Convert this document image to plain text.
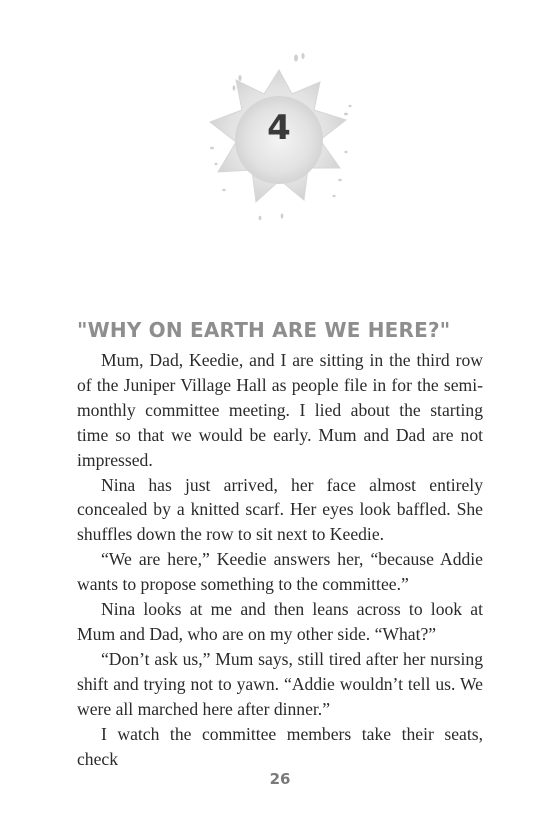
4
"WHY ON EARTH ARE WE HERE?"

Mum, Dad, Keedie, and I are sitting in the third row of the Juniper Village Hall as people file in for the semi-monthly committee meeting. I lied about the starting time so that we would be early. Mum and Dad are not impressed.

Nina has just arrived, her face almost entirely concealed by a knitted scarf. Her eyes look baffled. She shuffles down the row to sit next to Keedie.

“We are here,” Keedie answers her, “because Addie wants to propose something to the committee.”

Nina looks at me and then leans across to look at Mum and Dad, who are on my other side. “What?”

“Don’t ask us,” Mum says, still tired after her nursing shift and trying not to yawn. “Addie wouldn’t tell us. We were all marched here after dinner.”

I watch the committee members take their seats, check

26
